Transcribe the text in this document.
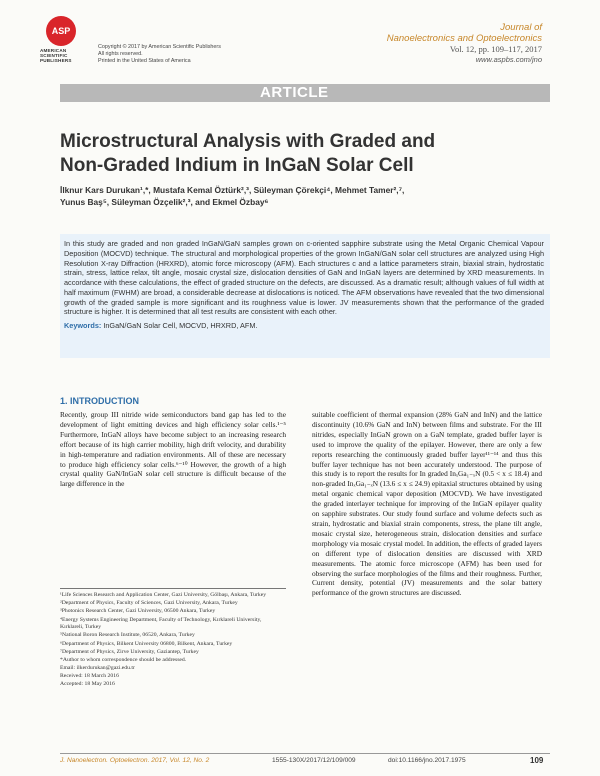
ASP
AMERICAN
SCIENTIFIC
PUBLISHERS
Copyright © 2017 by American Scientific Publishers
All rights reserved.
Printed in the United States of America
Journal of
Nanoelectronics and Optoelectronics
Vol. 12, pp. 109–117, 2017
www.aspbs.com/jno
ARTICLE
Microstructural Analysis with Graded and
Non-Graded Indium in InGaN Solar Cell
İlknur Kars Durukan¹,*, Mustafa Kemal Öztürk²,³, Süleyman Çörekçi⁴, Mehmet Tamer²,⁷,
Yunus Baş⁵, Süleyman Özçelik²,³, and Ekmel Özbay⁶

In this study are graded and non graded InGaN/GaN samples grown on c-oriented sapphire substrate using the Metal Organic Chemical Vapour Deposition (MOCVD) technique. The structural and morphological properties of the grown InGaN/GaN solar cell structures are analyzed using High Resolution X-ray Diffraction (HRXRD), atomic force microscopy (AFM). Each structures c and a lattice parameters strain, biaxial strain, hydrostatic strain, stress, lattice relax, tilt angle, mosaic crystal size, dislocation densities of GaN and InGaN layers are determined by XRD measurements. In accordance with these calculations, the effect of graded structure on the defects, are discussed. As a dramatic result; although values of full width at half maximum (FWHM) are broad, a considerable decrease at dislocations is noticed. The AFM observations have revealed that the two dimensional growth of the graded sample is more significant and its roughness value is lower. JV measurements shown that the performance of the graded structure is higher. It is determined that all test results are consistent with each other.

Keywords: InGaN/GaN Solar Cell, MOCVD, HRXRD, AFM.

1. INTRODUCTION

Recently, group III nitride wide semiconductors band gap has led to the development of light emitting devices and high efficiency solar cells.¹⁻⁵ Furthermore, InGaN alloys have become subject to an increasing research effort because of its high carrier mobility, high drift velocity, and durability in high-temperature and radiation environments. All of these are necessary to produce high efficiency solar cells.⁶⁻¹⁰ However, the growth of a high crystal quality GaN/InGaN solar cell structure is difficult because of the large difference in the

suitable coefficient of thermal expansion (28% GaN and InN) and the lattice discontinuity (10.6% GaN and InN) between films and substrate. For the III nitrides, especially InGaN grown on a GaN template, graded buffer layer is used to improve the quality of the epilayer. However, there are only a few reports researching the continuously graded buffer layer¹¹⁻¹⁴ and thus this buffer layer technique has not been accurately understood. The purpose of this study is to report the results for In graded InₓGa₁₋ₓN (0.5 < x ≤ 18.4) and non-graded InₓGa₁₋ₓN (13.6 ≤ x ≤ 24.9) epitaxial structures obtained by using metal organic chemical vapor deposition (MOCVD). We have investigated the graded interlayer technique for improving of the InGaN epilayer quality on sapphire substrates. Our study found surface and volume defects such as strain, hydrostatic and biaxial strain components, stress, the plane tilt angle, mosaic crystal size, heterogeneous strain, dislocation densities and surface morphology via mosaic crystal model. In addition, the effects of graded layers on different type of dislocation densities are discussed with XRD measurements. The atomic force microscope (AFM) has been used for observing the surface morphologies of the films and their roughness. Further, Current density, potential (JV) measurements and the solar battery performance of the grown structures are discussed.

¹Life Sciences Research and Application Center, Gazi University, Gölbaşı, Ankara, Turkey

²Department of Physics, Faculty of Sciences, Gazi University, Ankara, Turkey

³Photonics Research Center, Gazi University, 06500 Ankara, Turkey

⁴Energy Systems Engineering Department, Faculty of Technology, Kırklareli University, Kırklareli, Turkey

⁵National Boron Research Institute, 06520, Ankara, Turkey

⁶Department of Physics, Bilkent University 06800, Bilkent, Ankara, Turkey

⁷Department of Physics, Zirve University, Gaziantep, Turkey

*Author to whom correspondence should be addressed.

Email: ilkerdurukan@gazi.edu.tr

Received: 18 March 2016

Accepted: 18 May 2016

J. Nanoelectron. Optoelectron. 2017, Vol. 12, No. 2	1555-130X/2017/12/109/009	doi:10.1166/jno.2017.1975	109
